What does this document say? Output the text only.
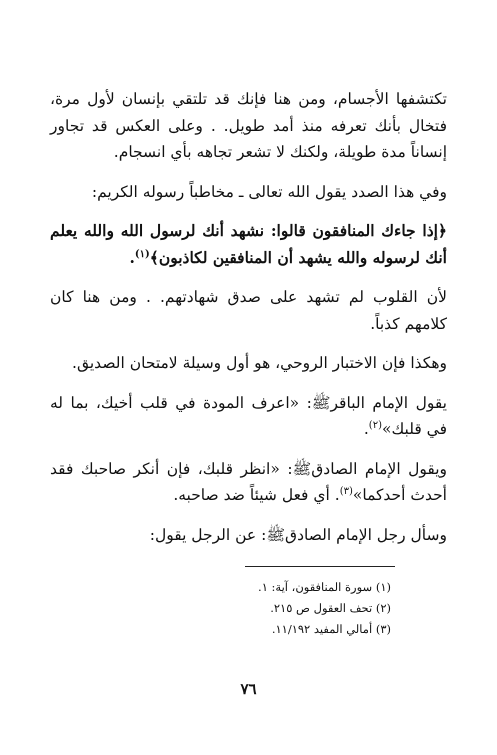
تكتشفها الأجسام، ومن هنا فإنك قد تلتقي بإنسان لأول مرة، فتخال بأنك تعرفه منذ أمد طويل. . وعلى العكس قد تجاور إنساناً مدة طويلة، ولكنك لا تشعر تجاهه بأي انسجام.

وفي هذا الصدد يقول الله تعالى ـ مخاطباً رسوله الكريم:

﴿إذا جاءك المنافقون قالوا: نشهد أنك لرسول الله والله يعلم أنك لرسوله والله يشهد أن المنافقين لكاذبون﴾$^{(١)}$.

لأن القلوب لم تشهد على صدق شهادتهم. . ومن هنا كان كلامهم كذباً.

وهكذا فإن الاختبار الروحي، هو أول وسيلة لامتحان الصديق.

يقول الإمام الباقرﷺ: «اعرف المودة في قلب أخيك، بما له في قلبك»$^{(٢)}$.

ويقول الإمام الصادقﷺ: «انظر قلبك، فإن أنكر صاحبك فقد أحدث أحدكما»$^{(٣)}$. أي فعل شيئاً ضد صاحبه.

وسأل رجل الإمام الصادقﷺ: عن الرجل يقول:

(١) سورة المنافقون، آية: ١.
(٢) تحف العقول ص ٢١٥.
(٣) أمالي المفيد ١١/١٩٢.
٧٦
